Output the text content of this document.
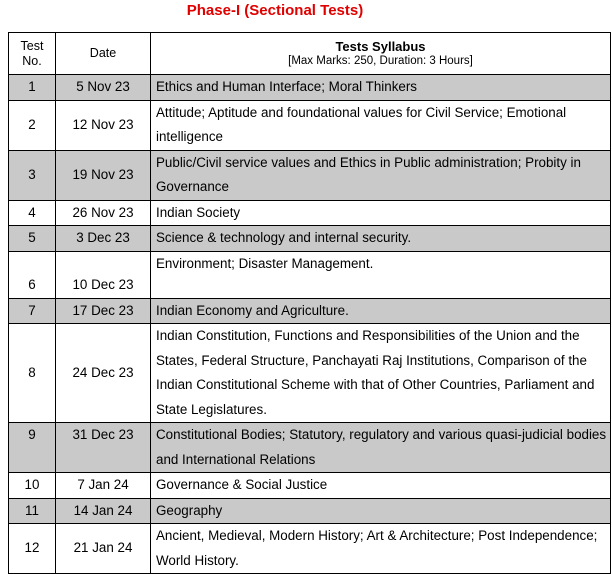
Phase-I (Sectional Tests)
Test
No.	Date	Tests Syllabus
[Max Marks: 250, Duration: 3 Hours]

1	5 Nov 23	Ethics and Human Interface; Moral Thinkers
2	12 Nov 23	Attitude; Aptitude and foundational values for Civil Service; Emotional intelligence
3	19 Nov 23	Public/Civil service values and Ethics in Public administration; Probity in Governance
4	26 Nov 23	Indian Society
5	3 Dec 23	Science & technology and internal security.
6	10 Dec 23	Environment; Disaster Management.
7	17 Dec 23	Indian Economy and Agriculture.
8	24 Dec 23	Indian Constitution, Functions and Responsibilities of the Union and the States, Federal Structure, Panchayati Raj Institutions, Comparison of the Indian Constitutional Scheme with that of Other Countries, Parliament and State Legislatures.
9	31 Dec 23	Constitutional Bodies; Statutory, regulatory and various quasi-judicial bodies and International Relations
10	7 Jan 24	Governance & Social Justice
11	14 Jan 24	Geography
12	21 Jan 24	Ancient, Medieval, Modern History; Art & Architecture; Post Independence; World History.
